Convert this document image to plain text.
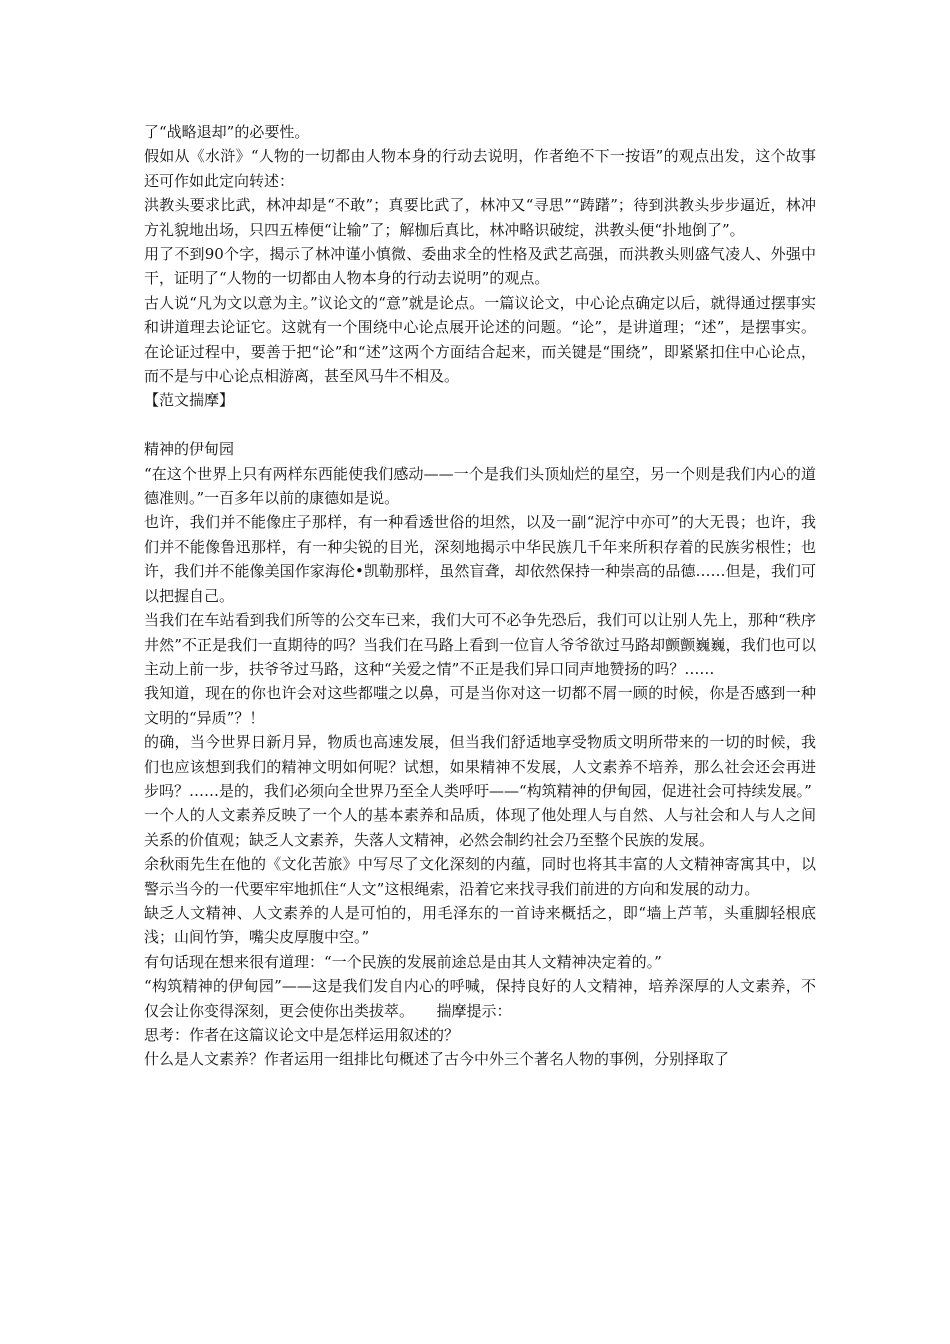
了“战略退却”的必要性。

假如从《水浒》“人物的一切都由人物本身的行动去说明，作者绝不下一按语”的观点出发，这个故事还可作如此定向转述：

洪教头要求比武，林冲却是“不敢”；真要比武了，林冲又“寻思”“踌躇”；待到洪教头步步逼近，林冲方礼貌地出场，只四五棒便“让输”了；解枷后真比，林冲略识破绽，洪教头便“扑地倒了”。

用了不到90个字，揭示了林冲谨小慎微、委曲求全的性格及武艺高强，而洪教头则盛气凌人、外强中干，证明了“人物的一切都由人物本身的行动去说明”的观点。

古人说“凡为文以意为主。”议论文的“意”就是论点。一篇议论文，中心论点确定以后，就得通过摆事实和讲道理去论证它。这就有一个围绕中心论点展开论述的问题。“论”，是讲道理；“述”，是摆事实。在论证过程中，要善于把“论”和“述”这两个方面结合起来，而关键是“围绕”，即紧紧扣住中心论点，而不是与中心论点相游离，甚至风马牛不相及。

【范文揣摩】

精神的伊甸园

“在这个世界上只有两样东西能使我们感动——一个是我们头顶灿烂的星空，另一个则是我们内心的道德准则。”一百多年以前的康德如是说。

也许，我们并不能像庄子那样，有一种看透世俗的坦然，以及一副“泥泞中亦可”的大无畏；也许，我们并不能像鲁迅那样，有一种尖锐的目光，深刻地揭示中华民族几千年来所积存着的民族劣根性；也许，我们并不能像美国作家海伦•凯勒那样，虽然盲聋，却依然保持一种崇高的品德……但是，我们可以把握自己。

当我们在车站看到我们所等的公交车已来，我们大可不必争先恐后，我们可以让别人先上，那种“秩序井然”不正是我们一直期待的吗？当我们在马路上看到一位盲人爷爷欲过马路却颤颤巍巍，我们也可以主动上前一步，扶爷爷过马路，这种“关爱之情”不正是我们异口同声地赞扬的吗？……

我知道，现在的你也许会对这些都嗤之以鼻，可是当你对这一切都不屑一顾的时候，你是否感到一种文明的“异质”？！

的确，当今世界日新月异，物质也高速发展，但当我们舒适地享受物质文明所带来的一切的时候，我们也应该想到我们的精神文明如何呢？试想，如果精神不发展，人文素养不培养，那么社会还会再进步吗？……是的，我们必须向全世界乃至全人类呼吁——“构筑精神的伊甸园，促进社会可持续发展。”

一个人的人文素养反映了一个人的基本素养和品质，体现了他处理人与自然、人与社会和人与人之间关系的价值观；缺乏人文素养，失落人文精神，必然会制约社会乃至整个民族的发展。

余秋雨先生在他的《文化苦旅》中写尽了文化深刻的内蕴，同时也将其丰富的人文精神寄寓其中，以警示当今的一代要牢牢地抓住“人文”这根绳索，沿着它来找寻我们前进的方向和发展的动力。

缺乏人文精神、人文素养的人是可怕的，用毛泽东的一首诗来概括之，即“墙上芦苇，头重脚轻根底浅；山间竹笋，嘴尖皮厚腹中空。”

有句话现在想来很有道理：“一个民族的发展前途总是由其人文精神决定着的。”

“构筑精神的伊甸园”——这是我们发自内心的呼喊，保持良好的人文精神，培养深厚的人文素养，不仅会让你变得深刻，更会使你出类拔萃。　　揣摩提示：

思考：作者在这篇议论文中是怎样运用叙述的？

什么是人文素养？作者运用一组排比句概述了古今中外三个著名人物的事例，分别择取了
